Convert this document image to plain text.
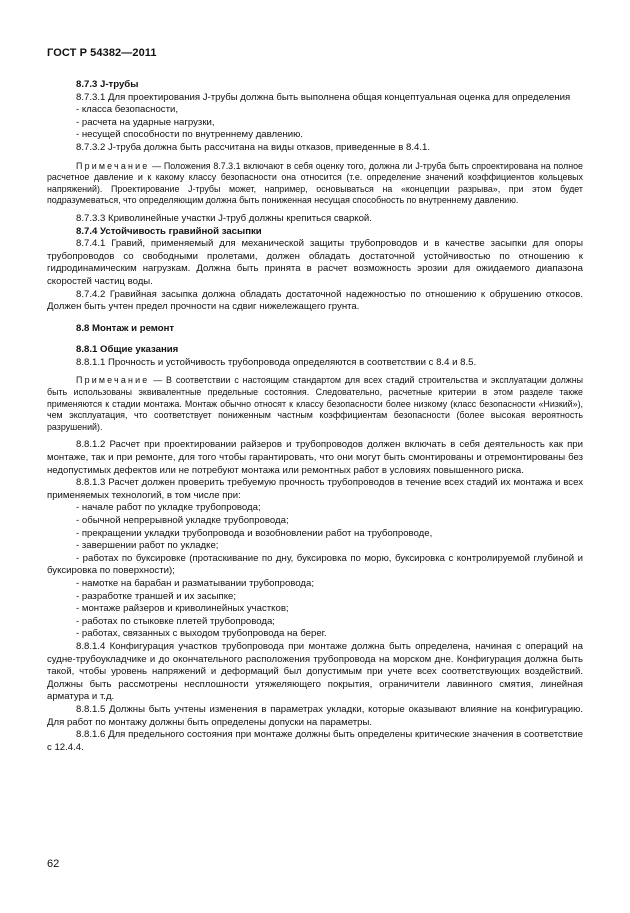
ГОСТ Р 54382—2011

8.7.3 J-трубы

8.7.3.1 Для проектирования J-трубы должна быть выполнена общая концептуальная оценка для определения

- класса безопасности,

- расчета на ударные нагрузки,

- несущей способности по внутреннему давлению.

8.7.3.2 J-труба должна быть рассчитана на виды отказов, приведенные в 8.4.1.

Примечание — Положения 8.7.3.1 включают в себя оценку того, должна ли J-труба быть спроектирована на полное расчетное давление и к какому классу безопасности она относится (т.е. определение значений коэффициентов кольцевых напряжений). Проектирование J-трубы может, например, основываться на «концепции разрыва», при этом будет подразумеваться, что определяющим должна быть пониженная несущая способность по внутреннему давлению.

8.7.3.3 Криволинейные участки J-труб должны крепиться сваркой.

8.7.4 Устойчивость гравийной засыпки

8.7.4.1 Гравий, применяемый для механической защиты трубопроводов и в качестве засыпки для опоры трубопроводов со свободными пролетами, должен обладать достаточной устойчивостью по отношению к гидродинамическим нагрузкам. Должна быть принята в расчет возможность эрозии для ожидаемого диапазона скоростей частиц воды.

8.7.4.2 Гравийная засыпка должна обладать достаточной надежностью по отношению к обрушению откосов. Должен быть учтен предел прочности на сдвиг нижележащего грунта.

8.8 Монтаж и ремонт

8.8.1 Общие указания

8.8.1.1 Прочность и устойчивость трубопровода определяются в соответствии с 8.4 и 8.5.

Примечание — В соответствии с настоящим стандартом для всех стадий строительства и эксплуатации должны быть использованы эквивалентные предельные состояния. Следовательно, расчетные критерии в этом разделе также применяются к стадии монтажа. Монтаж обычно относят к классу безопасности более низкому (класс безопасности «Низкий»), чем эксплуатация, что соответствует пониженным частным коэффициентам безопасности (более высокая вероятность разрушений).

8.8.1.2 Расчет при проектировании райзеров и трубопроводов должен включать в себя деятельность как при монтаже, так и при ремонте, для того чтобы гарантировать, что они могут быть смонтированы и отремонтированы без недопустимых дефектов или не потребуют монтажа или ремонтных работ в условиях повышенного риска.

8.8.1.3 Расчет должен проверить требуемую прочность трубопроводов в течение всех стадий их монтажа и всех применяемых технологий, в том числе при:

- начале работ по укладке трубопровода;

- обычной непрерывной укладке трубопровода;

- прекращении укладки трубопровода и возобновлении работ на трубопроводе,

- завершении работ по укладке;

- работах по буксировке (протаскивание по дну, буксировка по морю, буксировка с контролируемой глубиной и буксировка по поверхности);

- намотке на барабан и разматывании трубопровода;

- разработке траншей и их засыпке;

- монтаже райзеров и криволинейных участков;

- работах по стыковке плетей трубопровода;

- работах, связанных с выходом трубопровода на берег.

8.8.1.4 Конфигурация участков трубопровода при монтаже должна быть определена, начиная с операций на судне-трубоукладчике и до окончательного расположения трубопровода на морском дне. Конфигурация должна быть такой, чтобы уровень напряжений и деформаций был допустимым при учете всех соответствующих воздействий. Должны быть рассмотрены несплошности утяжеляющего покрытия, ограничители лавинного смятия, линейная арматура и т.д.

8.8.1.5 Должны быть учтены изменения в параметрах укладки, которые оказывают влияние на конфигурацию. Для работ по монтажу должны быть определены допуски на параметры.

8.8.1.6 Для предельного состояния при монтаже должны быть определены критические значения в соответствие с 12.4.4.

62
